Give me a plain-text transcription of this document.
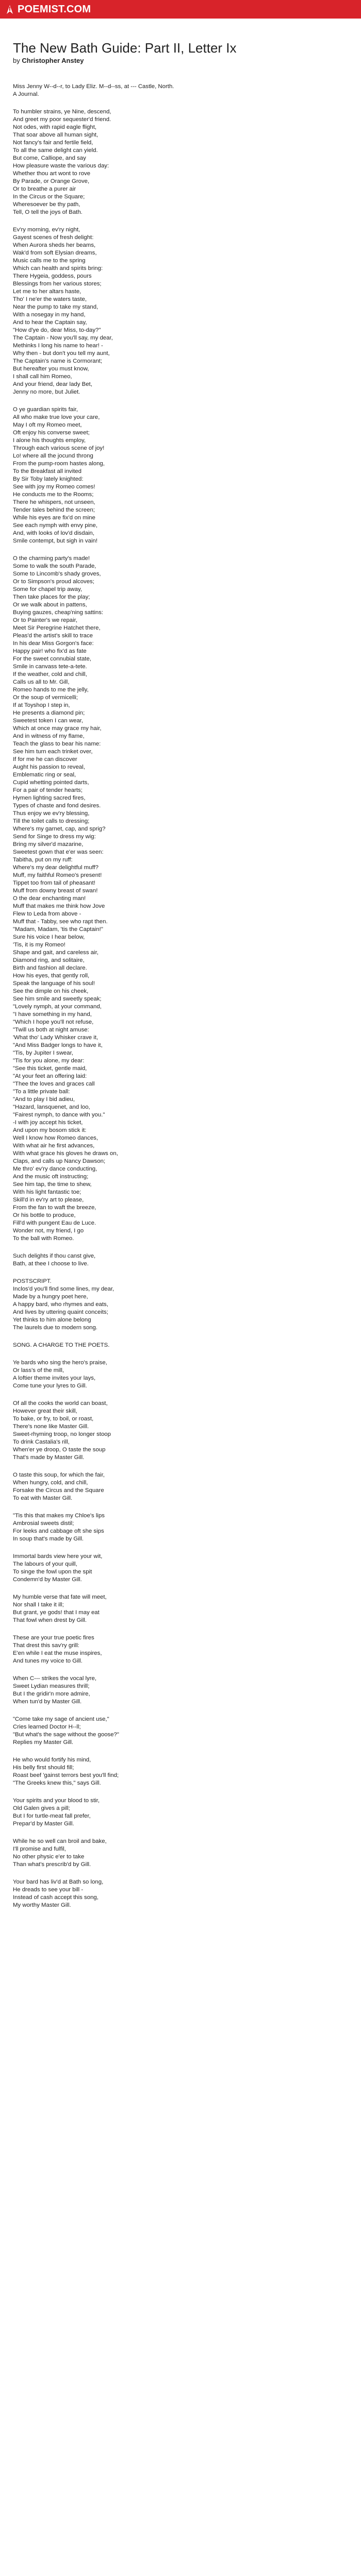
POEMIST.COM
The New Bath Guide: Part II, Letter Ix
by Christopher Anstey
Miss Jenny W--d--r, to Lady Eliz. M--d--ss, at --- Castle, North.
A Journal.
To humbler strains, ye Nine, descend,
And greet my poor sequester'd friend.
Not odes, with rapid eagle flight,
That soar above all human sight,
Not fancy's fair and fertile field,
To all the same delight can yield.
But come, Calliope, and say
How pleasure waste the various day:
Whether thou art wont to rove
By Parade, or Orange Grove,
Or to breathe a purer air
In the Circus or the Square;
Wheresoever be thy path,
Tell, O tell the joys of Bath.
Ev'ry morning, ev'ry night,
Gayest scenes of fresh delight:
When Aurora sheds her beams,
Wak'd from soft Elysian dreams,
Music calls me to the spring
Which can health and spirits bring:
There Hygeia, goddess, pours
Blessings from her various stores;
Let me to her altars haste,
Tho' I ne'er the waters taste,
Near the pump to take my stand,
With a nosegay in my hand,
And to hear the Captain say,
"How d'ye do, dear Miss, to-day?"
The Captain - Now you'll say, my dear,
Methinks I long his name to hear! -
Why then - but don't you tell my aunt,
The Captain's name is Cormorant;
But hereafter you must know,
I shall call him Romeo,
And your friend, dear lady Bet,
Jenny no more, but Juliet.
O ye guardian spirits fair,
All who make true love your care,
May I oft my Romeo meet,
Oft enjoy his converse sweet;
I alone his thoughts employ,
Through each various scene of joy!
Lo! where all the jocund throng
From the pump-room hastes along,
To the Breakfast all invited
By Sir Toby lately knighted:
See with joy my Romeo comes!
He conducts me to the Rooms;
There he whispers, not unseen,
Tender tales behind the screen;
While his eyes are fix'd on mine
See each nymph with envy pine,
And, with looks of lov'd disdain,
Smile contempt, but sigh in vain!
O the charming party's made!
Some to walk the south Parade,
Some to Lincomb's shady groves,
Or to Simpson's proud alcoves;
Some for chapel trip away,
Then take places for the play;
Or we walk about in pattens,
Buying gauzes, cheap'ning sattins:
Or to Painter's we repair,
Meet Sir Peregrine Hatchet there,
Pleas'd the artist's skill to trace
In his dear Miss Gorgon's face:
Happy pair! who fix'd as fate
For the sweet connubial state,
Smile in canvass tete-a-tete.
If the weather, cold and chill,
Calls us all to Mr. Gill,
Romeo hands to me the jelly,
Or the soup of vermicelli;
If at Toyshop I step in,
He presents a diamond pin;
Sweetest token I can wear,
Which at once may grace my hair,
And in witness of my flame,
Teach the glass to bear his name:
See him turn each trinket over,
If for me he can discover
Aught his passion to reveal,
Emblematic ring or seal,
Cupid whetting pointed darts,
For a pair of tender hearts;
Hymen lighting sacred fires,
Types of chaste and fond desires.
Thus enjoy we ev'ry blessing,
Till the toilet calls to dressing;
Where's my garnet, cap, and sprig?
Send for Singe to dress my wig:
Bring my silver'd mazarine,
Sweetest gown that e'er was seen:
Tabitha, put on my ruff:
Where's my dear delightful muff?
Muff, my faithful Romeo's present!
Tippet too from tail of pheasant!
Muff from downy breast of swan!
O the dear enchanting man!
Muff that makes me think how Jove
Flew to Leda from above -
Muff that - Tabby, see who rapt then.
"Madam, Madam, 'tis the Captain!"
Sure his voice I hear below,
'Tis, it is my Romeo!
Shape and gait, and careless air,
Diamond ring, and solitaire,
Birth and fashion all declare.
How his eyes, that gently roll,
Speak the language of his soul!
See the dimple on his cheek,
See him smile and sweetly speak;
"Lovely nymph, at your command,
"I have something in my hand,
"Which I hope you'll not refuse,
"Twill us both at night amuse:
'What tho' Lady Whisker crave it,
"And Miss Badger longs to have it,
"Tis, by Jupiter I swear,
"Tis for you alone, my dear:
"See this ticket, gentle maid,
"At your feet an offering laid:
"Thee the loves and graces call
"To a little private ball:
"And to play I bid adieu,
"Hazard, lansquenet, and loo,
"Fairest nymph, to dance with you."
-I with joy accept his ticket,
And upon my bosom stick it:
Well I know how Romeo dances,
With what air he first advances,
With what grace his gloves he draws on,
Claps, and calls up Nancy Dawson;
Me thro' ev'ry dance conducting,
And the music oft instructing;
See him tap, the time to shew,
With his light fantastic toe;
Skill'd in ev'ry art to please,
From the fan to waft the breeze,
Or his bottle to produce,
Fill'd with pungent Eau de Luce.
Wonder not, my friend, I go
To the ball with Romeo.
Such delights if thou canst give,
Bath, at thee I choose to live.
POSTSCRIPT.
Inclos'd you'll find some lines, my dear,
Made by a hungry poet here,
A happy bard, who rhymes and eats,
And lives by uttering quaint conceits;
Yet thinks to him alone belong
The laurels due to modern song.
SONG. A CHARGE TO THE POETS.
Ye bards who sing the hero's praise,
Or lass's of the mill,
A loftier theme invites your lays,
Come tune your lyres to Gill.
Of all the cooks the world can boast,
However great their skill,
To bake, or fry, to boil, or roast,
There's none like Master Gill.
Sweet-rhyming troop, no longer stoop
To drink Castalia's rill,
When'er ye droop, O taste the soup
That's made by Master Gill.
O taste this soup, for which the fair,
When hungry, cold, and chill,
Forsake the Circus and the Square
To eat with Master Gill.
"Tis this that makes my Chloe's lips
Ambrosial sweets distil;
For leeks and cabbage oft she sips
In soup that's made by Gill.
Immortal bards view here your wit,
The labours of your quill,
To singe the fowl upon the spit
Condemn'd by Master Gill.
My humble verse that fate will meet,
Nor shall I take it ill;
But grant, ye gods! that I may eat
That fowl when drest by Gill.
These are your true poetic fires
That drest this sav'ry grill:
E'en while I eat the muse inspires,
And tunes my voice to Gill.
When C--- strikes the vocal lyre,
Sweet Lydian measures thrill;
But I the gridir'n more admire,
When tun'd by Master Gill.
"Come take my sage of ancient use,"
Cries learned Doctor H--ll;
"But what's the sage without the goose?"
Replies my Master Gill.
He who would fortify his mind,
His belly first should fill;
Roast beef 'gainst terrors best you'll find;
"The Greeks knew this," says Gill.
Your spirits and your blood to stir,
Old Galen gives a pill;
But I for turtle-meat fall prefer,
Prepar'd by Master Gill.
While he so well can broil and bake,
I'll promise and fulfil,
No other physic e'er to take
Than what's prescrib'd by Gill.
Your bard has liv'd at Bath so long,
He dreads to see your bill -
Instead of cash accept this song,
My worthy Master Gill.
